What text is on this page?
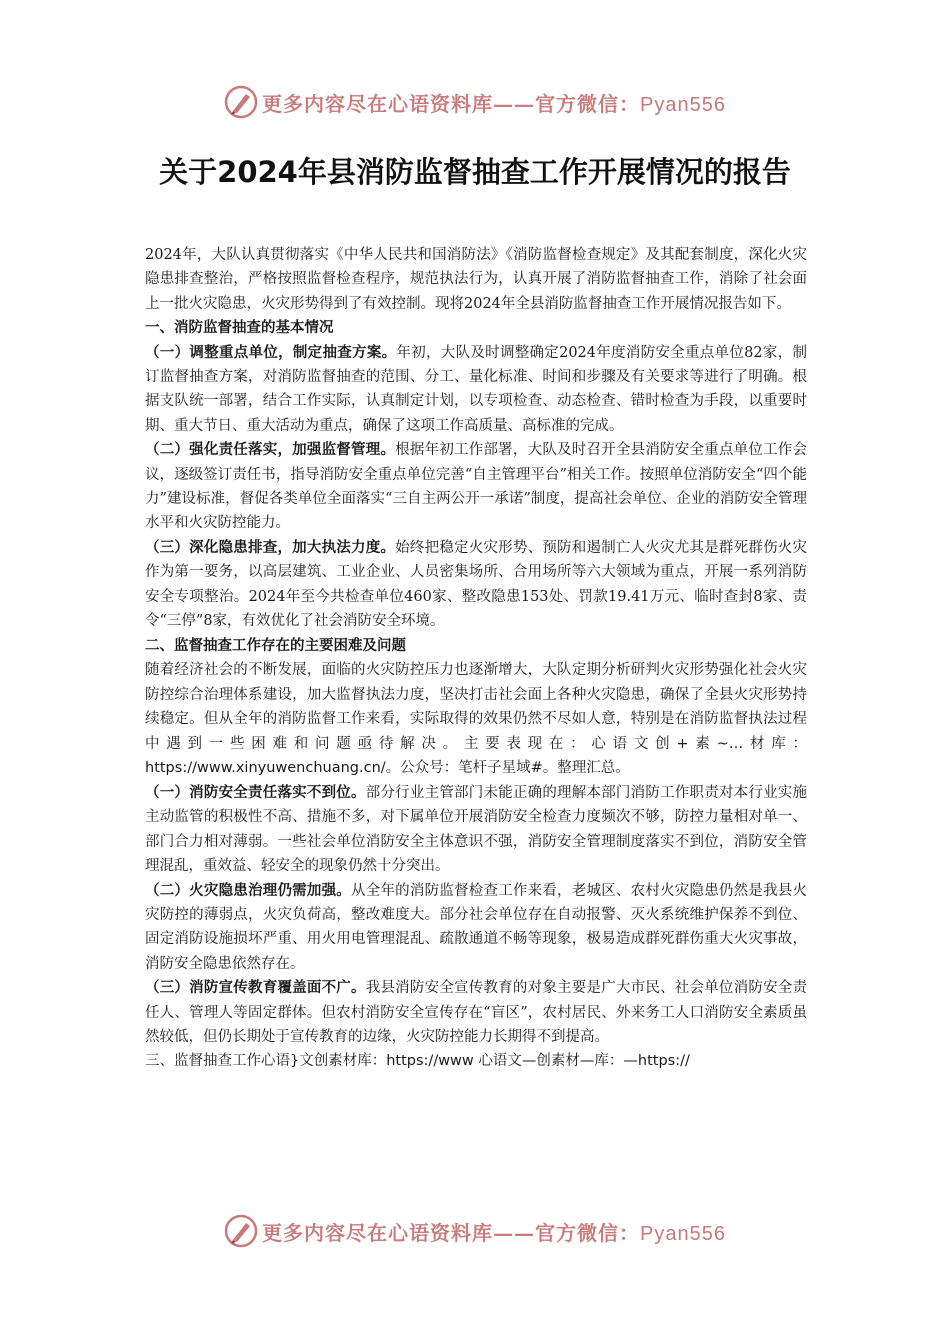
更多内容尽在心语资料库——官方微信：Pyan556
关于2024年县消防监督抽查工作开展情况的报告

2024年，大队认真贯彻落实《中华人民共和国消防法》《消防监督检查规定》及其配套制度，深化火灾隐患排查整治，严格按照监督检查程序，规范执法行为，认真开展了消防监督抽查工作，消除了社会面上一批火灾隐患，火灾形势得到了有效控制。现将2024年全县消防监督抽查工作开展情况报告如下。

一、消防监督抽查的基本情况

（一）调整重点单位，制定抽查方案。年初，大队及时调整确定2024年度消防安全重点单位82家，制订监督抽查方案，对消防监督抽查的范围、分工、量化标准、时间和步骤及有关要求等进行了明确。根据支队统一部署，结合工作实际，认真制定计划，以专项检查、动态检查、错时检查为手段，以重要时期、重大节日、重大活动为重点，确保了这项工作高质量、高标准的完成。

（二）强化责任落实，加强监督管理。根据年初工作部署，大队及时召开全县消防安全重点单位工作会议，逐级签订责任书，指导消防安全重点单位完善“自主管理平台”相关工作。按照单位消防安全“四个能力”建设标准，督促各类单位全面落实“三自主两公开一承诺”制度，提高社会单位、企业的消防安全管理水平和火灾防控能力。

（三）深化隐患排查，加大执法力度。始终把稳定火灾形势、预防和遏制亡人火灾尤其是群死群伤火灾作为第一要务，以高层建筑、工业企业、人员密集场所、合用场所等六大领域为重点，开展一系列消防安全专项整治。2024年至今共检查单位460家、整改隐患153处、罚款19.41万元、临时查封8家、责令“三停”8家，有效优化了社会消防安全环境。

二、监督抽查工作存在的主要困难及问题

随着经济社会的不断发展，面临的火灾防控压力也逐渐增大，大队定期分析研判火灾形势强化社会火灾防控综合治理体系建设，加大监督执法力度，坚决打击社会面上各种火灾隐患，确保了全县火灾形势持续稳定。但从全年的消防监督工作来看，实际取得的效果仍然不尽如人意，特别是在消防监督执法过程中遇到一些困难和问题亟待解决。主要表现在：心语文创+素~…材库：https://www.xinyuwenchuang.cn/。公众号：笔杆子星域#。整理汇总。

（一）消防安全责任落实不到位。部分行业主管部门未能正确的理解本部门消防工作职责对本行业实施主动监管的积极性不高、措施不多，对下属单位开展消防安全检查力度频次不够，防控力量相对单一、部门合力相对薄弱。一些社会单位消防安全主体意识不强，消防安全管理制度落实不到位，消防安全管理混乱，重效益、轻安全的现象仍然十分突出。

（二）火灾隐患治理仍需加强。从全年的消防监督检查工作来看，老城区、农村火灾隐患仍然是我县火灾防控的薄弱点，火灾负荷高，整改难度大。部分社会单位存在自动报警、灭火系统维护保养不到位、固定消防设施损坏严重、用火用电管理混乱、疏散通道不畅等现象，极易造成群死群伤重大火灾事故，消防安全隐患依然存在。

（三）消防宣传教育覆盖面不广。我县消防安全宣传教育的对象主要是广大市民、社会单位消防安全责任人、管理人等固定群体。但农村消防安全宣传存在“盲区”，农村居民、外来务工人口消防安全素质虽然较低，但仍长期处于宣传教育的边缘，火灾防控能力长期得不到提高。

三、监督抽查工作心语}文创素材库：https://www 心语文—创素材—库：—https://

更多内容尽在心语资料库——官方微信：Pyan556
